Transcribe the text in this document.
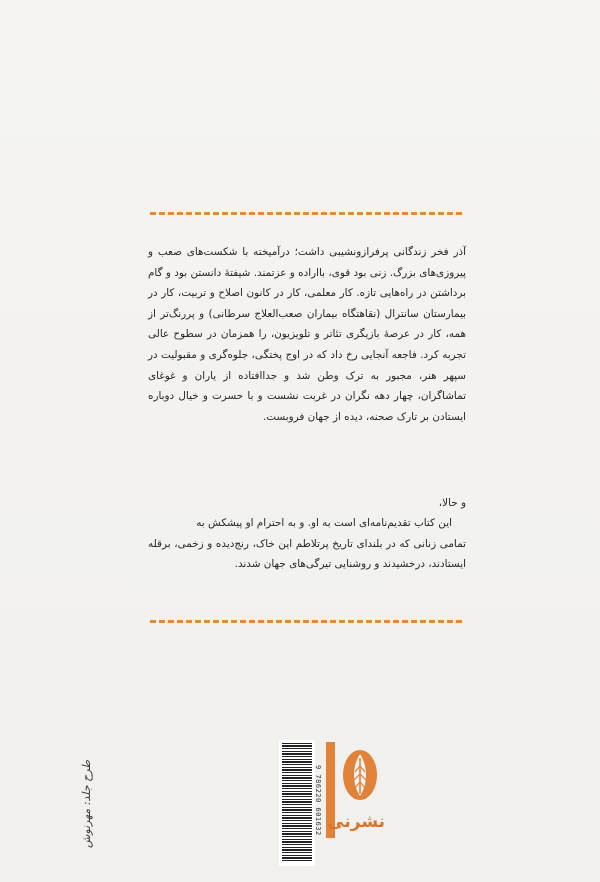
آذر فخر زندگانی پرفرازونشیبی داشت؛ درآمیخته با شکست‌های صعب و پیروزی‌های بزرگ. زنی بود قوی، بااراده و عزتمند. شیفتهٔ دانستن بود و گام برداشتن در راه‌هایی تازه. کار معلمی، کار در کانون اصلاح و تربیت، کار در بیمارستان سانترال (نقاهتگاه بیماران صعب‌العلاج سرطانی) و پررنگ‌تر از همه، کار در عرصهٔ بازیگری تئاتر و تلویزیون، را همزمان در سطوح عالی تجربه کرد. فاجعه آنجایی رخ داد که در اوج پختگی، جلوه‌گری و مقبولیت در سپهر هنر، مجبور به ترک وطن شد و جداافتاده از یاران و غوغای تماشاگران، چهار دهه نگران در غربت نشست و با حسرت و خیال دوباره ایستادن بر تارک صحنه، دیده از جهان فروبست.
و حالا،
این کتاب تقدیم‌نامه‌ای است به او. و به احترام او پیشکش به
تمامی زنانی که در بلندای تاریخ پرتلاطم این خاک، رنج‌دیده و زخمی، برقله ایستادند، درخشیدند و روشنایی تیرگی‌های جهان شدند.
طرح جلد: مهرنوش	9 786220 601632 نشرنی
